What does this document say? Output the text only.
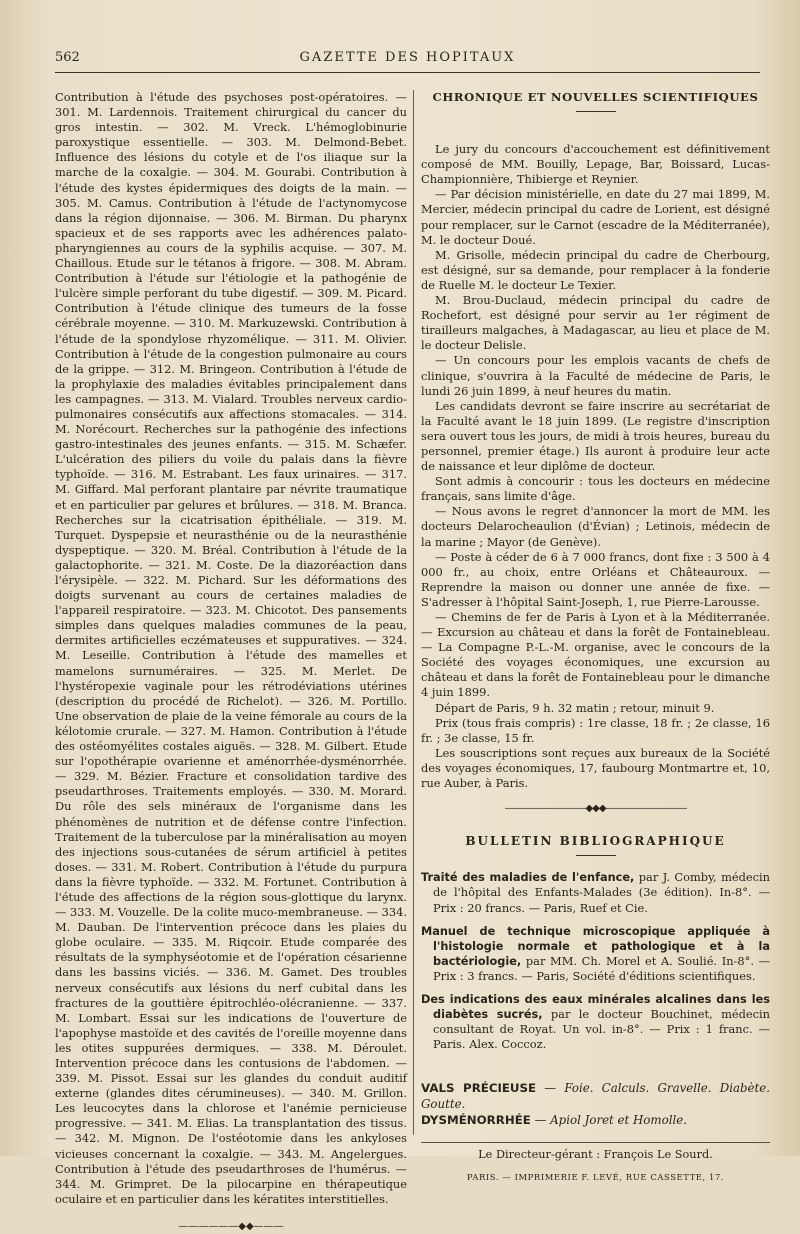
562	GAZETTE DES HOPITAUX

Contribution à l'étude des psychoses post-opératoires. — 301. M. Lardennois. Traitement chirurgical du cancer du gros intestin. — 302. M. Vreck. L'hémoglobinurie paroxystique essentielle. — 303. M. Delmond-Bebet. Influence des lésions du cotyle et de l'os iliaque sur la marche de la coxalgie. — 304. M. Gourabi. Contribution à l'étude des kystes épidermiques des doigts de la main. — 305. M. Camus. Contribution à l'étude de l'actynomycose dans la région dijonnaise. — 306. M. Birman. Du pharynx spacieux et de ses rapports avec les adhérences palato-pharyngiennes au cours de la syphilis acquise. — 307. M. Chaillous. Etude sur le tétanos à frigore. — 308. M. Abram. Contribution à l'étude sur l'étiologie et la pathogénie de l'ulcère simple perforant du tube digestif. — 309. M. Picard. Contribution à l'étude clinique des tumeurs de la fosse cérébrale moyenne. — 310. M. Markuzewski. Contribution à l'étude de la spondylose rhyzomélique. — 311. M. Olivier. Contribution à l'étude de la congestion pulmonaire au cours de la grippe. — 312. M. Bringeon. Contribution à l'étude de la prophylaxie des maladies évitables principalement dans les campagnes. — 313. M. Vialard. Troubles nerveux cardio-pulmonaires consécutifs aux affections stomacales. — 314. M. Norécourt. Recherches sur la pathogénie des infections gastro-intestinales des jeunes enfants. — 315. M. Schæfer. L'ulcération des piliers du voile du palais dans la fièvre typhoïde. — 316. M. Estrabant. Les faux urinaires. — 317. M. Giffard. Mal perforant plantaire par névrite traumatique et en particulier par gelures et brûlures. — 318. M. Branca. Recherches sur la cicatrisation épithéliale. — 319. M. Turquet. Dyspepsie et neurasthénie ou de la neurasthénie dyspeptique. — 320. M. Bréal. Contribution à l'étude de la galactophorite. — 321. M. Coste. De la diazoréaction dans l'érysipèle. — 322. M. Pichard. Sur les déformations des doigts survenant au cours de certaines maladies de l'appareil respiratoire. — 323. M. Chicotot. Des pansements simples dans quelques maladies communes de la peau, dermites artificielles eczémateuses et suppuratives. — 324. M. Leseille. Contribution à l'étude des mamelles et mamelons surnuméraires. — 325. M. Merlet. De l'hystéropexie vaginale pour les rétrodéviations utérines (description du procédé de Richelot). — 326. M. Portillo. Une observation de plaie de la veine fémorale au cours de la kélotomie crurale. — 327. M. Hamon. Contribution à l'étude des ostéomyélites costales aiguës. — 328. M. Gilbert. Etude sur l'opothérapie ovarienne et aménorrhée-dysménorrhée. — 329. M. Bézier. Fracture et consolidation tardive des pseudarthroses. Traitements employés. — 330. M. Morard. Du rôle des sels minéraux de l'organisme dans les phénomènes de nutrition et de défense contre l'infection. Traitement de la tuberculose par la minéralisation au moyen des injections sous-cutanées de sérum artificiel à petites doses. — 331. M. Robert. Contribution à l'étude du purpura dans la fièvre typhoïde. — 332. M. Fortunet. Contribution à l'étude des affections de la région sous-glottique du larynx. — 333. M. Vouzelle. De la colite muco-membraneuse. — 334. M. Dauban. De l'intervention précoce dans les plaies du globe oculaire. — 335. M. Riqcoir. Etude comparée des résultats de la symphyséotomie et de l'opération césarienne dans les bassins viciés. — 336. M. Gamet. Des troubles nerveux consécutifs aux lésions du nerf cubital dans les fractures de la gouttière épitrochléo-olécranienne. — 337. M. Lombart. Essai sur les indications de l'ouverture de l'apophyse mastoïde et des cavités de l'oreille moyenne dans les otites suppurées dermiques. — 338. M. Déroulet. Intervention précoce dans les contusions de l'abdomen. — 339. M. Pissot. Essai sur les glandes du conduit auditif externe (glandes dites cérumineuses). — 340. M. Grillon. Les leucocytes dans la chlorose et l'anémie pernicieuse progressive. — 341. M. Elias. La transplantation des tissus. — 342. M. Mignon. De l'ostéotomie dans les ankyloses vicieuses concernant la coxalgie. — 343. M. Angelergues. Contribution à l'étude des pseudarthroses de l'humérus. — 344. M. Grimpret. De la pilocarpine en thérapeutique oculaire et en particulier dans les kératites interstitielles.

——————◆◆———
CHRONIQUE ET NOUVELLES SCIENTIFIQUES

Le jury du concours d'accouchement est définitivement composé de MM. Bouilly, Lepage, Bar, Boissard, Lucas-Championnière, Thibierge et Reynier.

— Par décision ministérielle, en date du 27 mai 1899, M. Mercier, médecin principal du cadre de Lorient, est désigné pour remplacer, sur le Carnot (escadre de la Méditerranée), M. le docteur Doué.

M. Grisolle, médecin principal du cadre de Cherbourg, est désigné, sur sa demande, pour remplacer à la fonderie de Ruelle M. le docteur Le Texier.

M. Brou-Duclaud, médecin principal du cadre de Rochefort, est désigné pour servir au 1er régiment de tirailleurs malgaches, à Madagascar, au lieu et place de M. le docteur Delisle.

— Un concours pour les emplois vacants de chefs de clinique, s'ouvrira à la Faculté de médecine de Paris, le lundi 26 juin 1899, à neuf heures du matin.

Les candidats devront se faire inscrire au secrétariat de la Faculté avant le 18 juin 1899. (Le registre d'inscription sera ouvert tous les jours, de midi à trois heures, bureau du personnel, premier étage.) Ils auront à produire leur acte de naissance et leur diplôme de docteur.

Sont admis à concourir : tous les docteurs en médecine français, sans limite d'âge.

— Nous avons le regret d'annoncer la mort de MM. les docteurs Delarocheaulion (d'Évian) ; Letinois, médecin de la marine ; Mayor (de Genève).

— Poste à céder de 6 à 7 000 francs, dont fixe : 3 500 à 4 000 fr., au choix, entre Orléans et Châteauroux. — Reprendre la maison ou donner une année de fixe. — S'adresser à l'hôpital Saint-Joseph, 1, rue Pierre-Larousse.

— Chemins de fer de Paris à Lyon et à la Méditerranée. — Excursion au château et dans la forêt de Fontainebleau. — La Compagne P.-L.-M. organise, avec le concours de la Société des voyages économiques, une excursion au château et dans la forêt de Fontainebleau pour le dimanche 4 juin 1899.

Départ de Paris, 9 h. 32 matin ; retour, minuit 9.

Prix (tous frais compris) : 1re classe, 18 fr. ; 2e classe, 16 fr. ; 3e classe, 15 fr.

Les souscriptions sont reçues aux bureaux de la Société des voyages économiques, 17, faubourg Montmartre et, 10, rue Auber, à Paris.

—————————◆◆◆—————————
BULLETIN BIBLIOGRAPHIQUE
Traité des maladies de l'enfance, par J. Comby, médecin de l'hôpital des Enfants-Malades (3e édition). In-8°. — Prix : 20 francs. — Paris, Ruef et Cie.
Manuel de technique microscopique appliquée à l'histologie normale et pathologique et à la bactériologie, par MM. Ch. Morel et A. Soulié. In-8°. — Prix : 3 francs. — Paris, Société d'éditions scientifiques.
Des indications des eaux minérales alcalines dans les diabètes sucrés, par le docteur Bouchinet, médecin consultant de Royat. Un vol. in-8°. — Prix : 1 franc. — Paris. Alex. Coccoz.
VALS PRÉCIEUSE — Foie. Calculs. Gravelle. Diabète. Goutte.
DYSMÉNORRHÉE — Apiol Joret et Homolle.
Le Directeur-gérant : François Le Sourd.
PARIS. — IMPRIMERIE F. LEVÉ, RUE CASSETTE, 17.
